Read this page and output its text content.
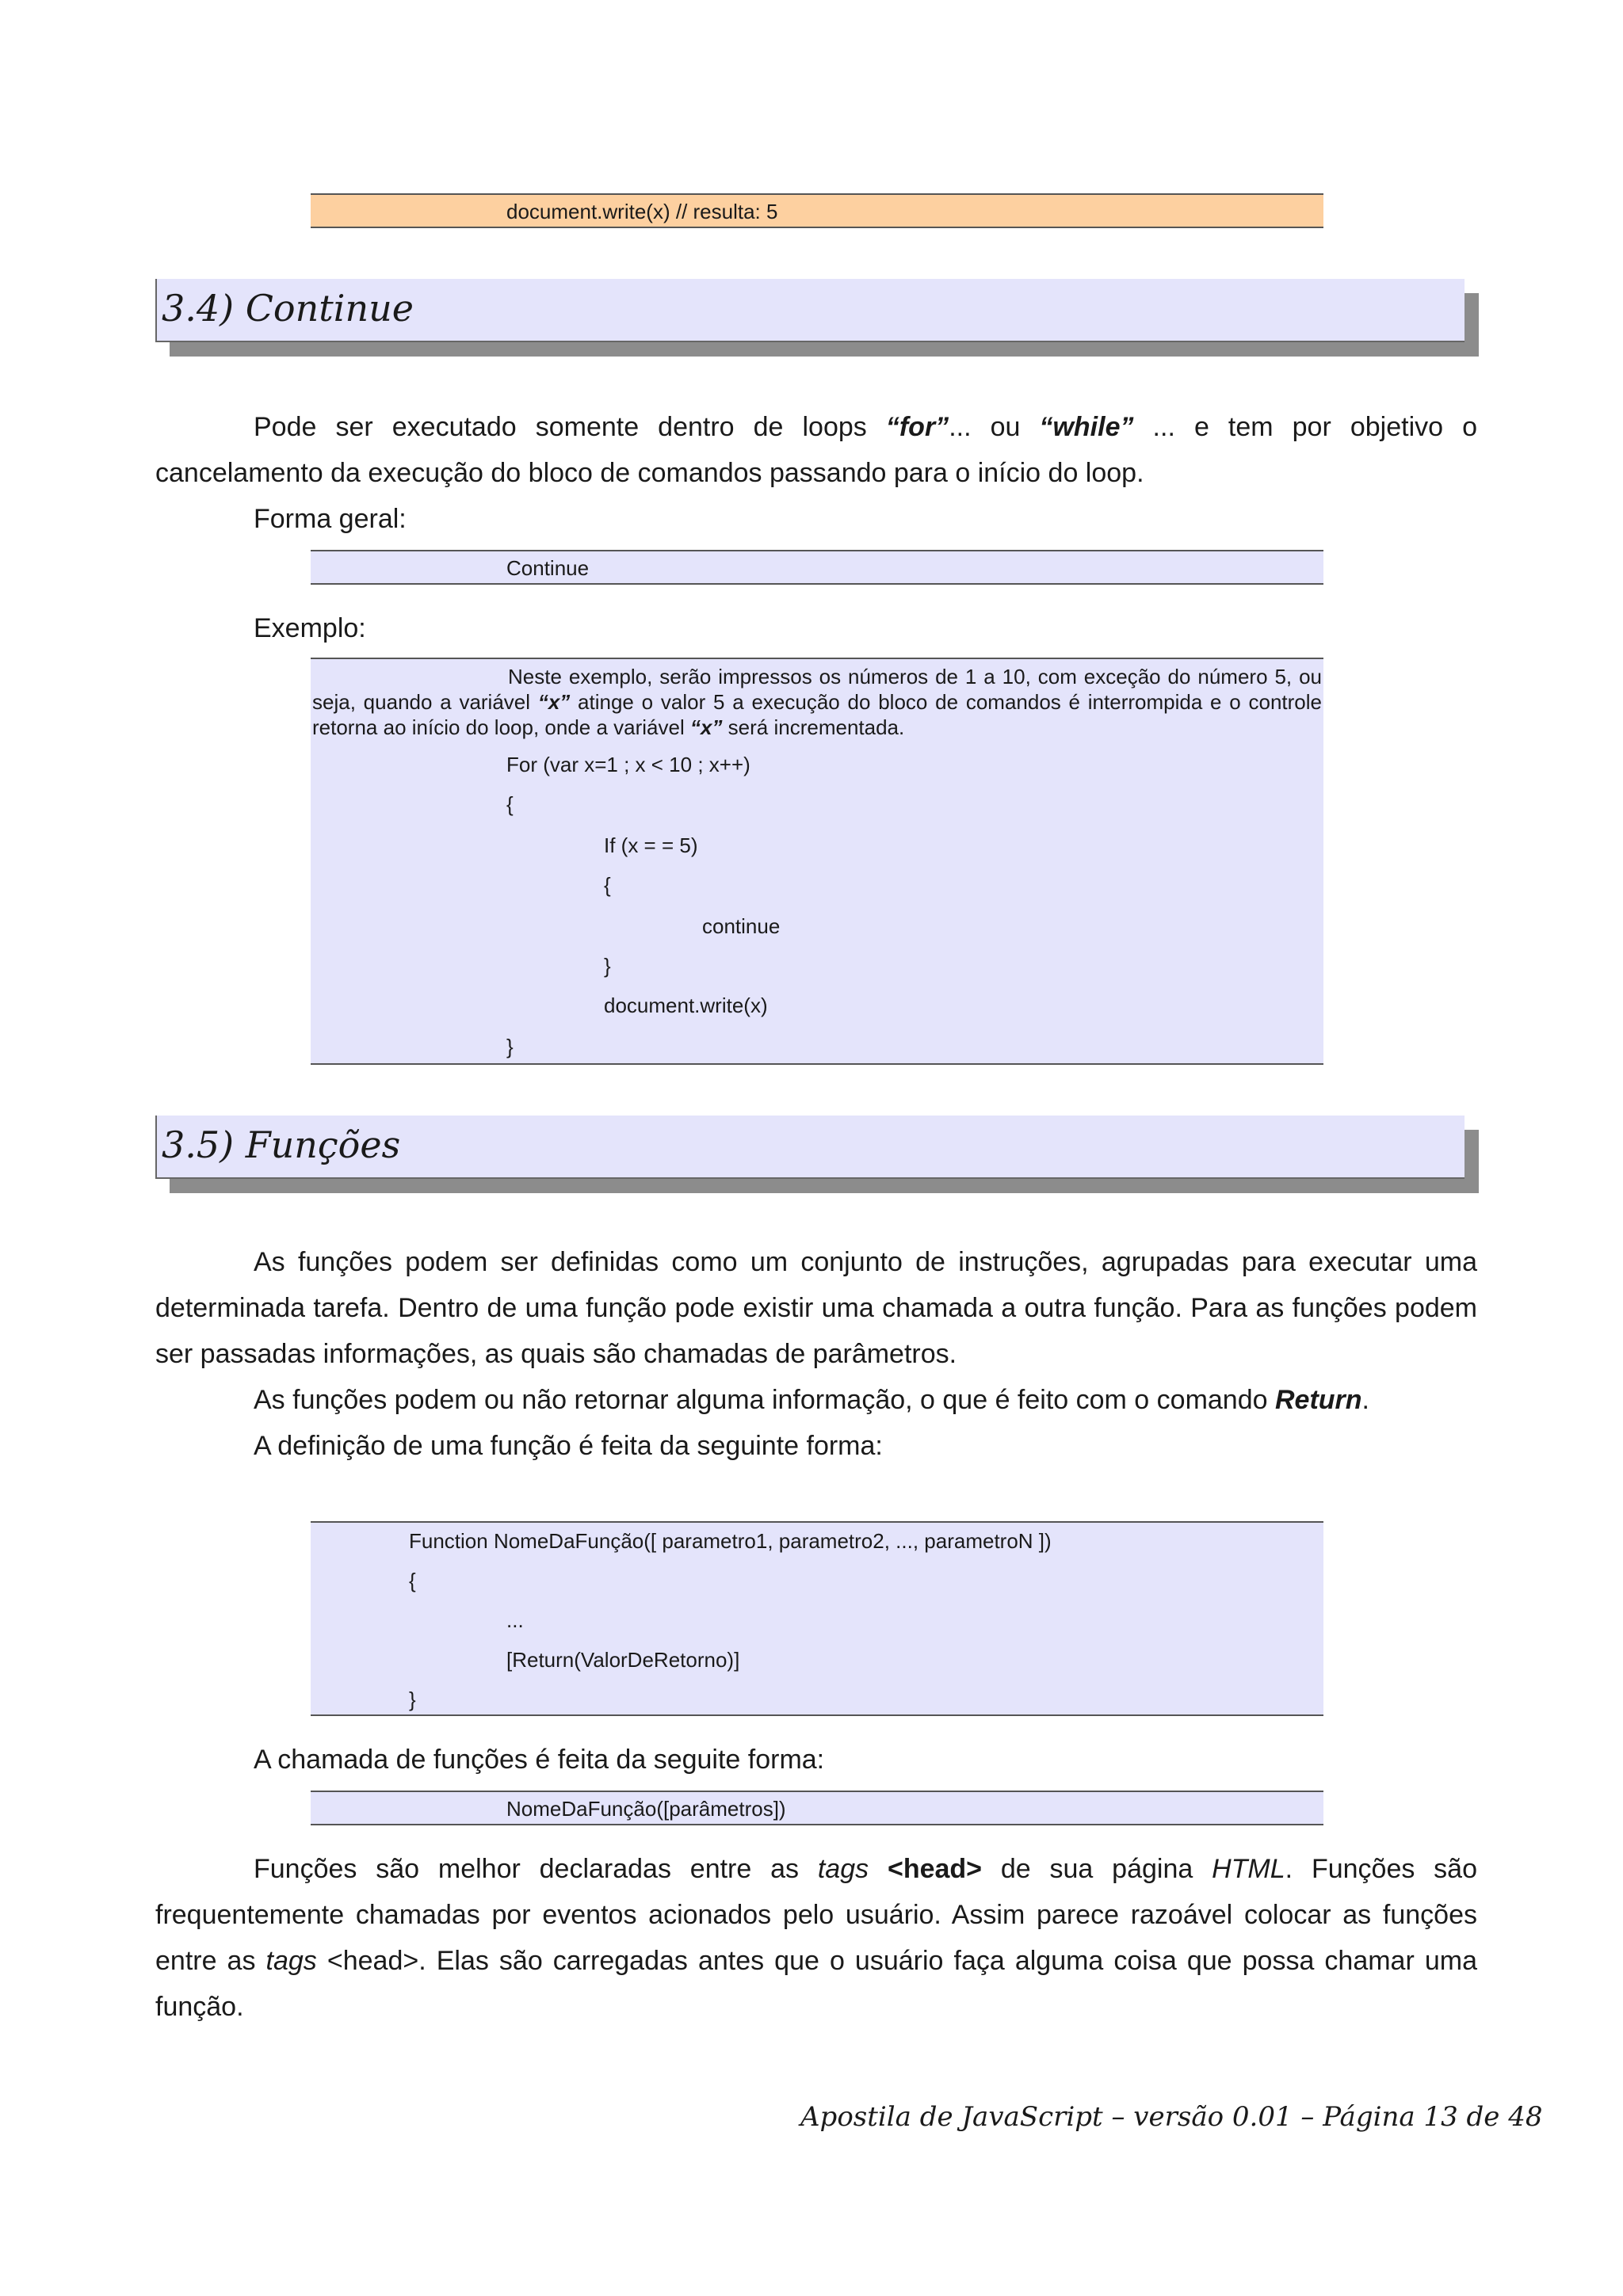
document.write(x) // resulta: 5
3.4) Continue
Pode ser executado somente dentro de loops “for”... ou “while” ... e tem por objetivo o cancelamento da execução do bloco de comandos passando para o início do loop.
Forma geral:
Continue
Exemplo:
Neste exemplo, serão impressos os números de 1 a 10, com exceção do número 5, ou seja, quando a variável “x” atinge o valor 5 a execução do bloco de comandos é interrompida e o controle retorna ao início do loop, onde a variável “x” será incrementada.
For (var x=1 ; x < 10 ; x++)
{
If (x = = 5)
{
continue
}
document.write(x)
}
3.5) Funções
As funções podem ser definidas como um conjunto de instruções, agrupadas para executar uma determinada tarefa. Dentro de uma função pode existir uma chamada a outra função. Para as funções podem ser passadas informações, as quais são chamadas de parâmetros.
As funções podem ou não retornar alguma informação, o que é feito com o comando Return.
A definição de uma função é feita da seguinte forma:
Function NomeDaFunção([ parametro1, parametro2, ..., parametroN ])
{
...
[Return(ValorDeRetorno)]
}
A chamada de funções é feita da seguite forma:
NomeDaFunção([parâmetros])
Funções são melhor declaradas entre as tags <head> de sua página HTML. Funções são frequentemente chamadas por eventos acionados pelo usuário. Assim parece razoável colocar as funções entre as tags <head>. Elas são carregadas antes que o usuário faça alguma coisa que possa chamar uma função.
Apostila de JavaScript – versão 0.01 – Página 13 de 48
